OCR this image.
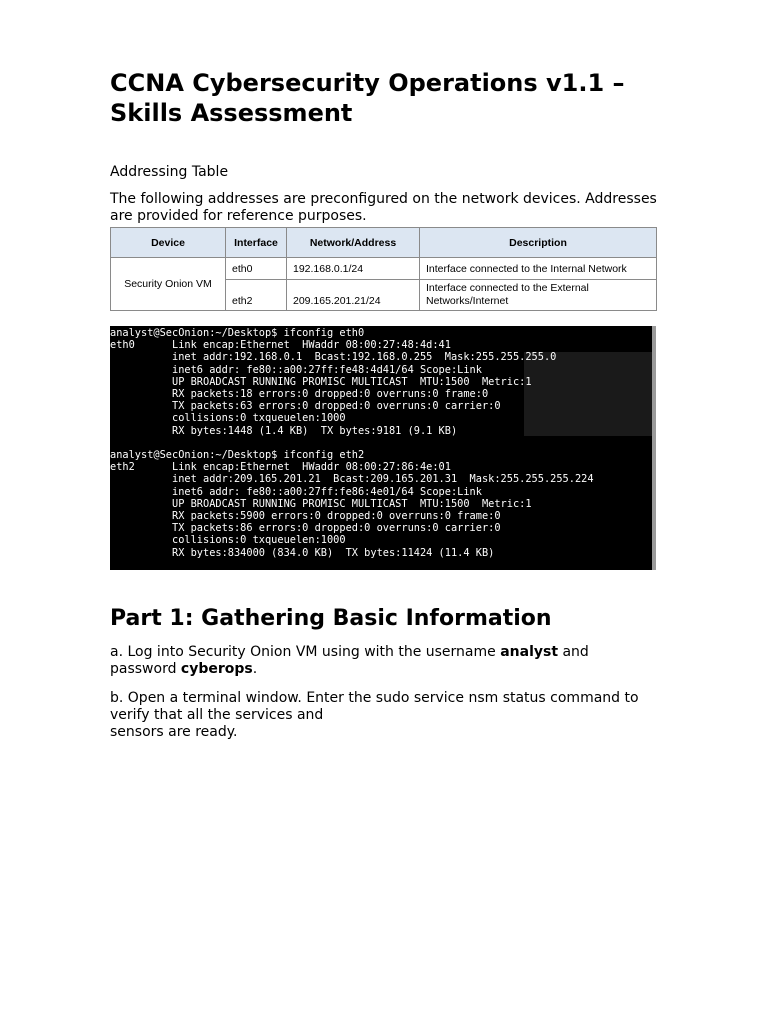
CCNA Cybersecurity Operations v1.1 – Skills Assessment
Addressing Table
The following addresses are preconfigured on the network devices. Addresses are provided for reference purposes.
Device	Interface	Network/Address	Description
Security Onion VM	eth0	192.168.0.1/24	Interface connected to the Internal Network
	eth2	209.165.201.21/24	Interface connected to the External Networks/Internet
analyst@SecOnion:~/Desktop$ ifconfig eth0
eth0      Link encap:Ethernet  HWaddr 08:00:27:48:4d:41
inet addr:192.168.0.1  Bcast:192.168.0.255  Mask:255.255.255.0
inet6 addr: fe80::a00:27ff:fe48:4d41/64 Scope:Link
UP BROADCAST RUNNING PROMISC MULTICAST  MTU:1500  Metric:1
RX packets:18 errors:0 dropped:0 overruns:0 frame:0
TX packets:63 errors:0 dropped:0 overruns:0 carrier:0
collisions:0 txqueuelen:1000
RX bytes:1448 (1.4 KB)  TX bytes:9181 (9.1 KB)

analyst@SecOnion:~/Desktop$ ifconfig eth2
eth2      Link encap:Ethernet  HWaddr 08:00:27:86:4e:01
inet addr:209.165.201.21  Bcast:209.165.201.31  Mask:255.255.255.224
inet6 addr: fe80::a00:27ff:fe86:4e01/64 Scope:Link
UP BROADCAST RUNNING PROMISC MULTICAST  MTU:1500  Metric:1
RX packets:5900 errors:0 dropped:0 overruns:0 frame:0
TX packets:86 errors:0 dropped:0 overruns:0 carrier:0
collisions:0 txqueuelen:1000
RX bytes:834000 (834.0 KB)  TX bytes:11424 (11.4 KB)
Part 1: Gathering Basic Information
a. Log into Security Onion VM using with the username analyst and password cyberops.
b. Open a terminal window. Enter the sudo service nsm status command to verify that all the services and
sensors are ready.
